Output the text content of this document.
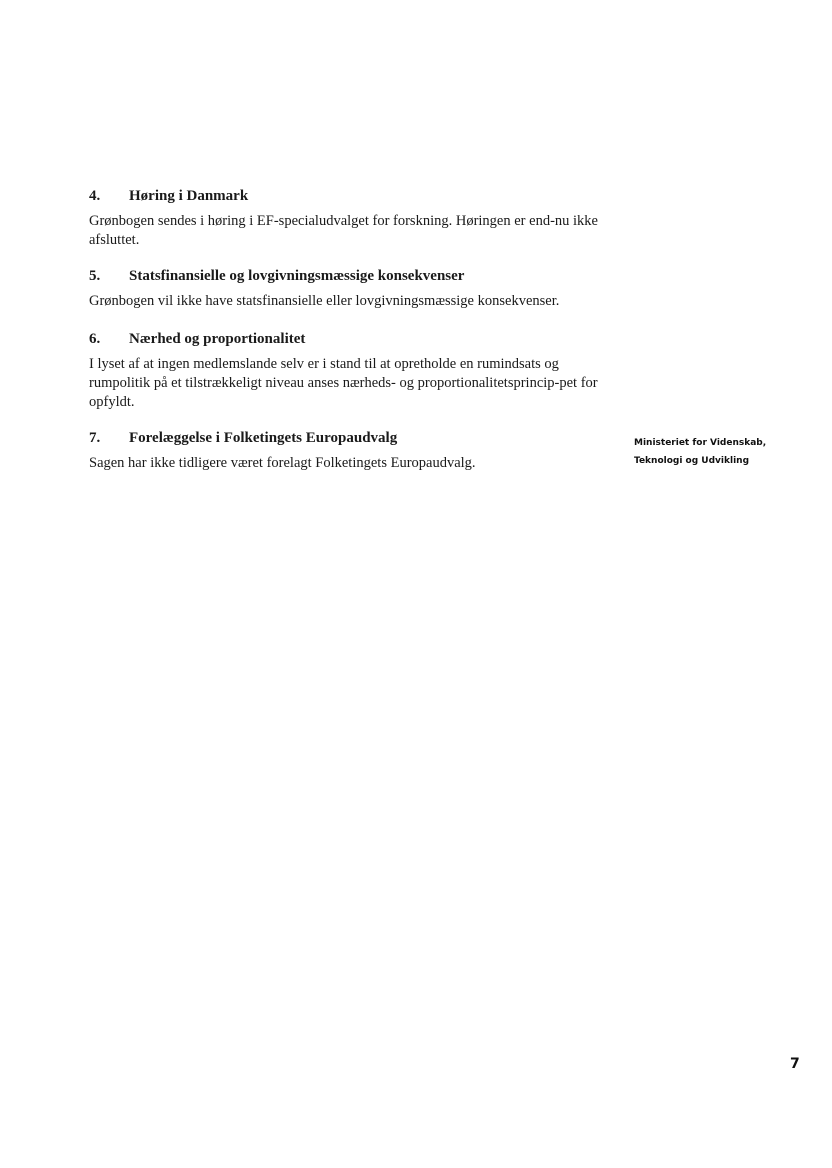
4.	Høring i Danmark

Grønbogen sendes i høring i EF-specialudvalget for forskning. Høringen er end-nu ikke afsluttet.

5.	Statsfinansielle og lovgivningsmæssige konsekvenser

Grønbogen vil ikke have statsfinansielle eller lovgivningsmæssige konsekvenser.

6.	Nærhed og proportionalitet

I lyset af at ingen medlemslande selv er i stand til at opretholde en rumindsats og rumpolitik på et tilstrækkeligt niveau anses nærheds- og proportionalitetsprincip-pet for opfyldt.

7.	Forelæggelse i Folketingets Europaudvalg

Sagen har ikke tidligere været forelagt Folketingets Europaudvalg.

Ministeriet for Videnskab,
Teknologi og Udvikling
7
